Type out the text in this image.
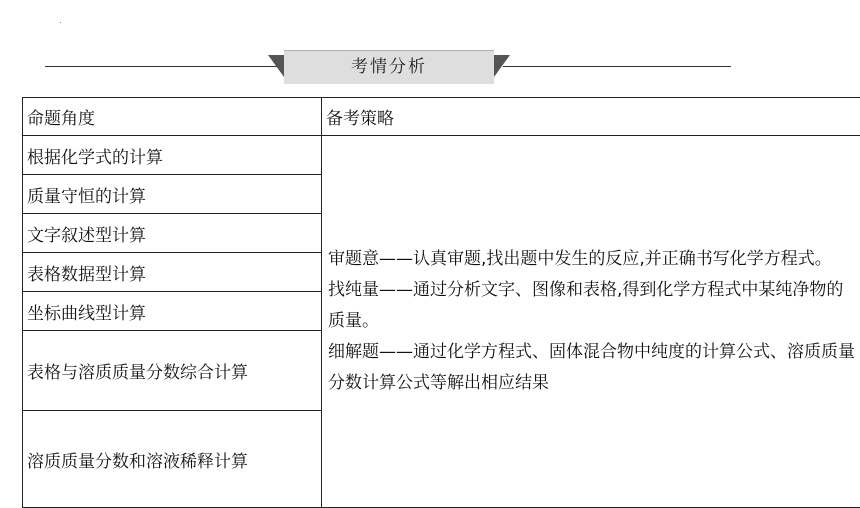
考情分析
命题角度	备考策略
根据化学式的计算	审题意——认真审题,找出题中发生的反应,并正确书写化学方程式。

找纯量——通过分析文字、图像和表格,得到化学方程式中某纯净物的质量。

细解题——通过化学方程式、固体混合物中纯度的计算公式、溶质质量分数计算公式等解出相应结果

质量守恒的计算	
文字叙述型计算	
表格数据型计算	
坐标曲线型计算	
表格与溶质质量分数综合计算	
溶质质量分数和溶液稀释计算	
